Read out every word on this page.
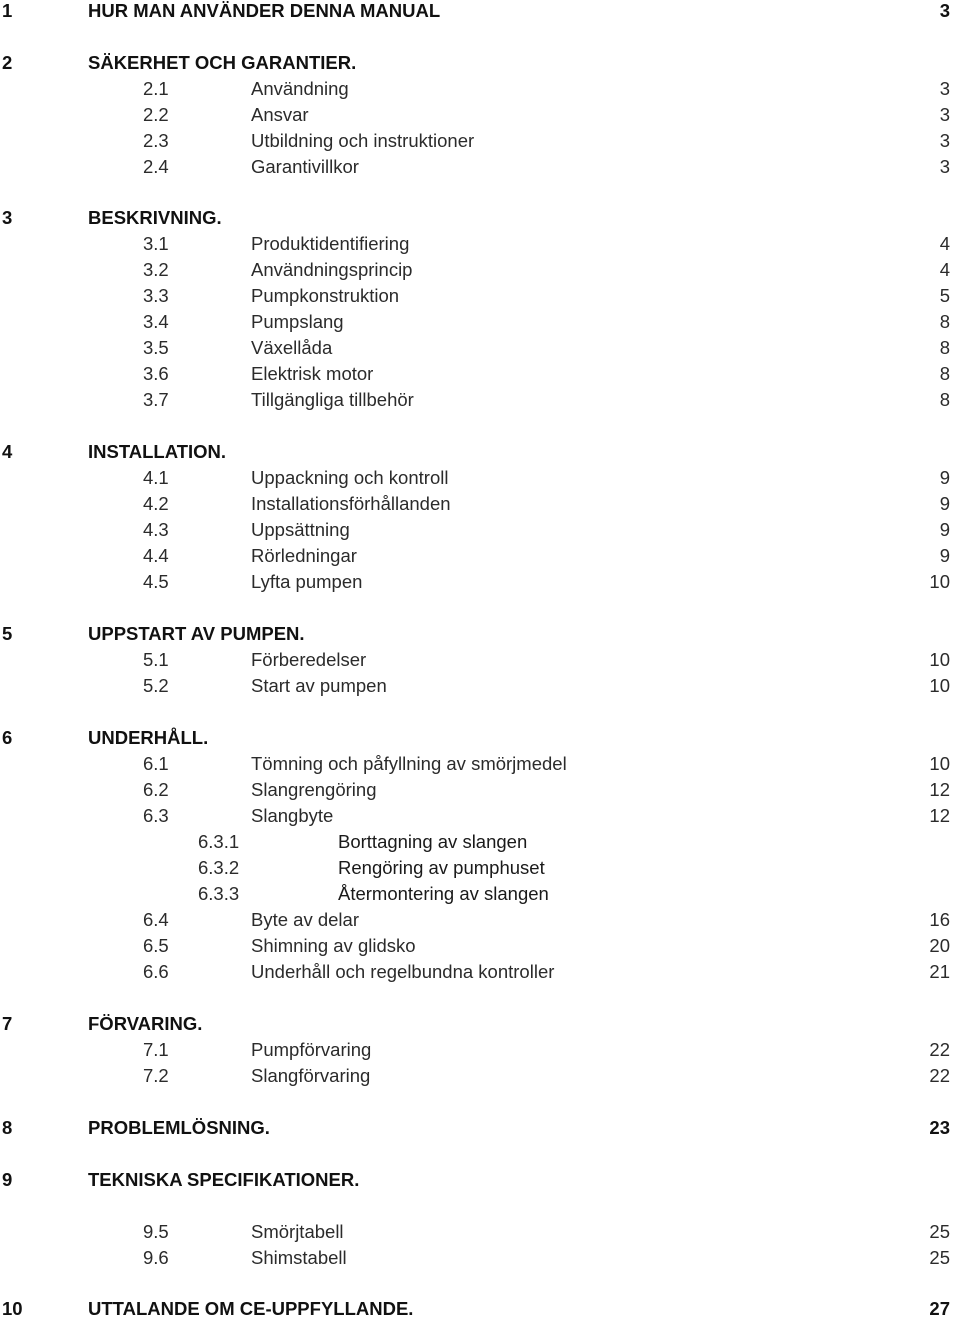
1	HUR MAN ANVÄNDER DENNA MANUAL	3
2	SÄKERHET OCH GARANTIER.
2.1	Användning	3
2.2	Ansvar	3
2.3	Utbildning och instruktioner	3
2.4	Garantivillkor	3
3	BESKRIVNING.
3.1	Produktidentifiering	4
3.2	Användningsprincip	4
3.3	Pumpkonstruktion	5
3.4	Pumpslang	8
3.5	Växellåda	8
3.6	Elektrisk motor	8
3.7	Tillgängliga tillbehör	8
4	INSTALLATION.
4.1	Uppackning och kontroll	9
4.2	Installationsförhållanden	9
4.3	Uppsättning	9
4.4	Rörledningar	9
4.5	Lyfta pumpen	10
5	UPPSTART AV PUMPEN.
5.1	Förberedelser	10
5.2	Start av pumpen	10
6	UNDERHÅLL.
6.1	Tömning och påfyllning av smörjmedel	10
6.2	Slangrengöring	12
6.3	Slangbyte	12
6.3.1	Borttagning av slangen
6.3.2	Rengöring av pumphuset
6.3.3	Återmontering av slangen
6.4	Byte av delar	16
6.5	Shimning av glidsko	20
6.6	Underhåll och regelbundna kontroller	21
7	FÖRVARING.
7.1	Pumpförvaring	22
7.2	Slangförvaring	22
8	PROBLEMLÖSNING.	23
9	TEKNISKA SPECIFIKATIONER.
9.5	Smörjtabell	25
9.6	Shimstabell	25
10	UTTALANDE OM CE-UPPFYLLANDE.	27
